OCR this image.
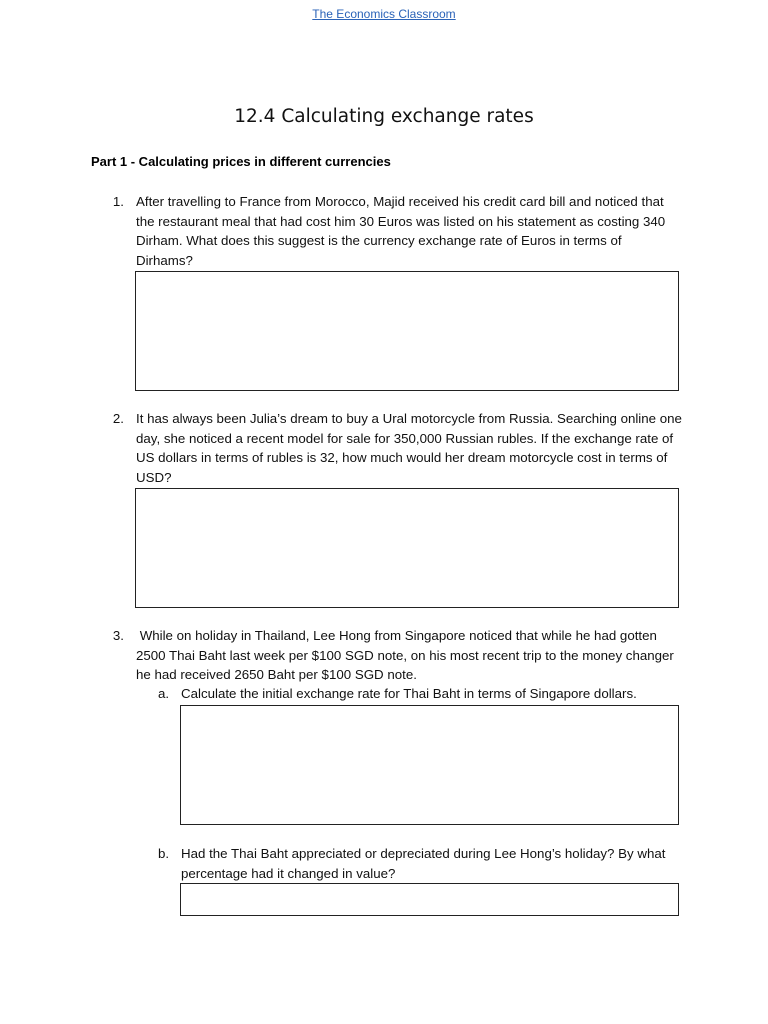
The Economics Classroom
12.4 Calculating exchange rates
Part 1 - Calculating prices in different currencies
1. After travelling to France from Morocco, Majid received his credit card bill and noticed that the restaurant meal that had cost him 30 Euros was listed on his statement as costing 340 Dirham. What does this suggest is the currency exchange rate of Euros in terms of Dirhams?
2. It has always been Julia’s dream to buy a Ural motorcycle from Russia. Searching online one day, she noticed a recent model for sale for 350,000 Russian rubles. If the exchange rate of US dollars in terms of rubles is 32, how much would her dream motorcycle cost in terms of USD?
3. While on holiday in Thailand, Lee Hong from Singapore noticed that while he had gotten 2500 Thai Baht last week per $100 SGD note, on his most recent trip to the money changer he had received 2650 Baht per $100 SGD note.
a. Calculate the initial exchange rate for Thai Baht in terms of Singapore dollars.
b. Had the Thai Baht appreciated or depreciated during Lee Hong’s holiday? By what percentage had it changed in value?
